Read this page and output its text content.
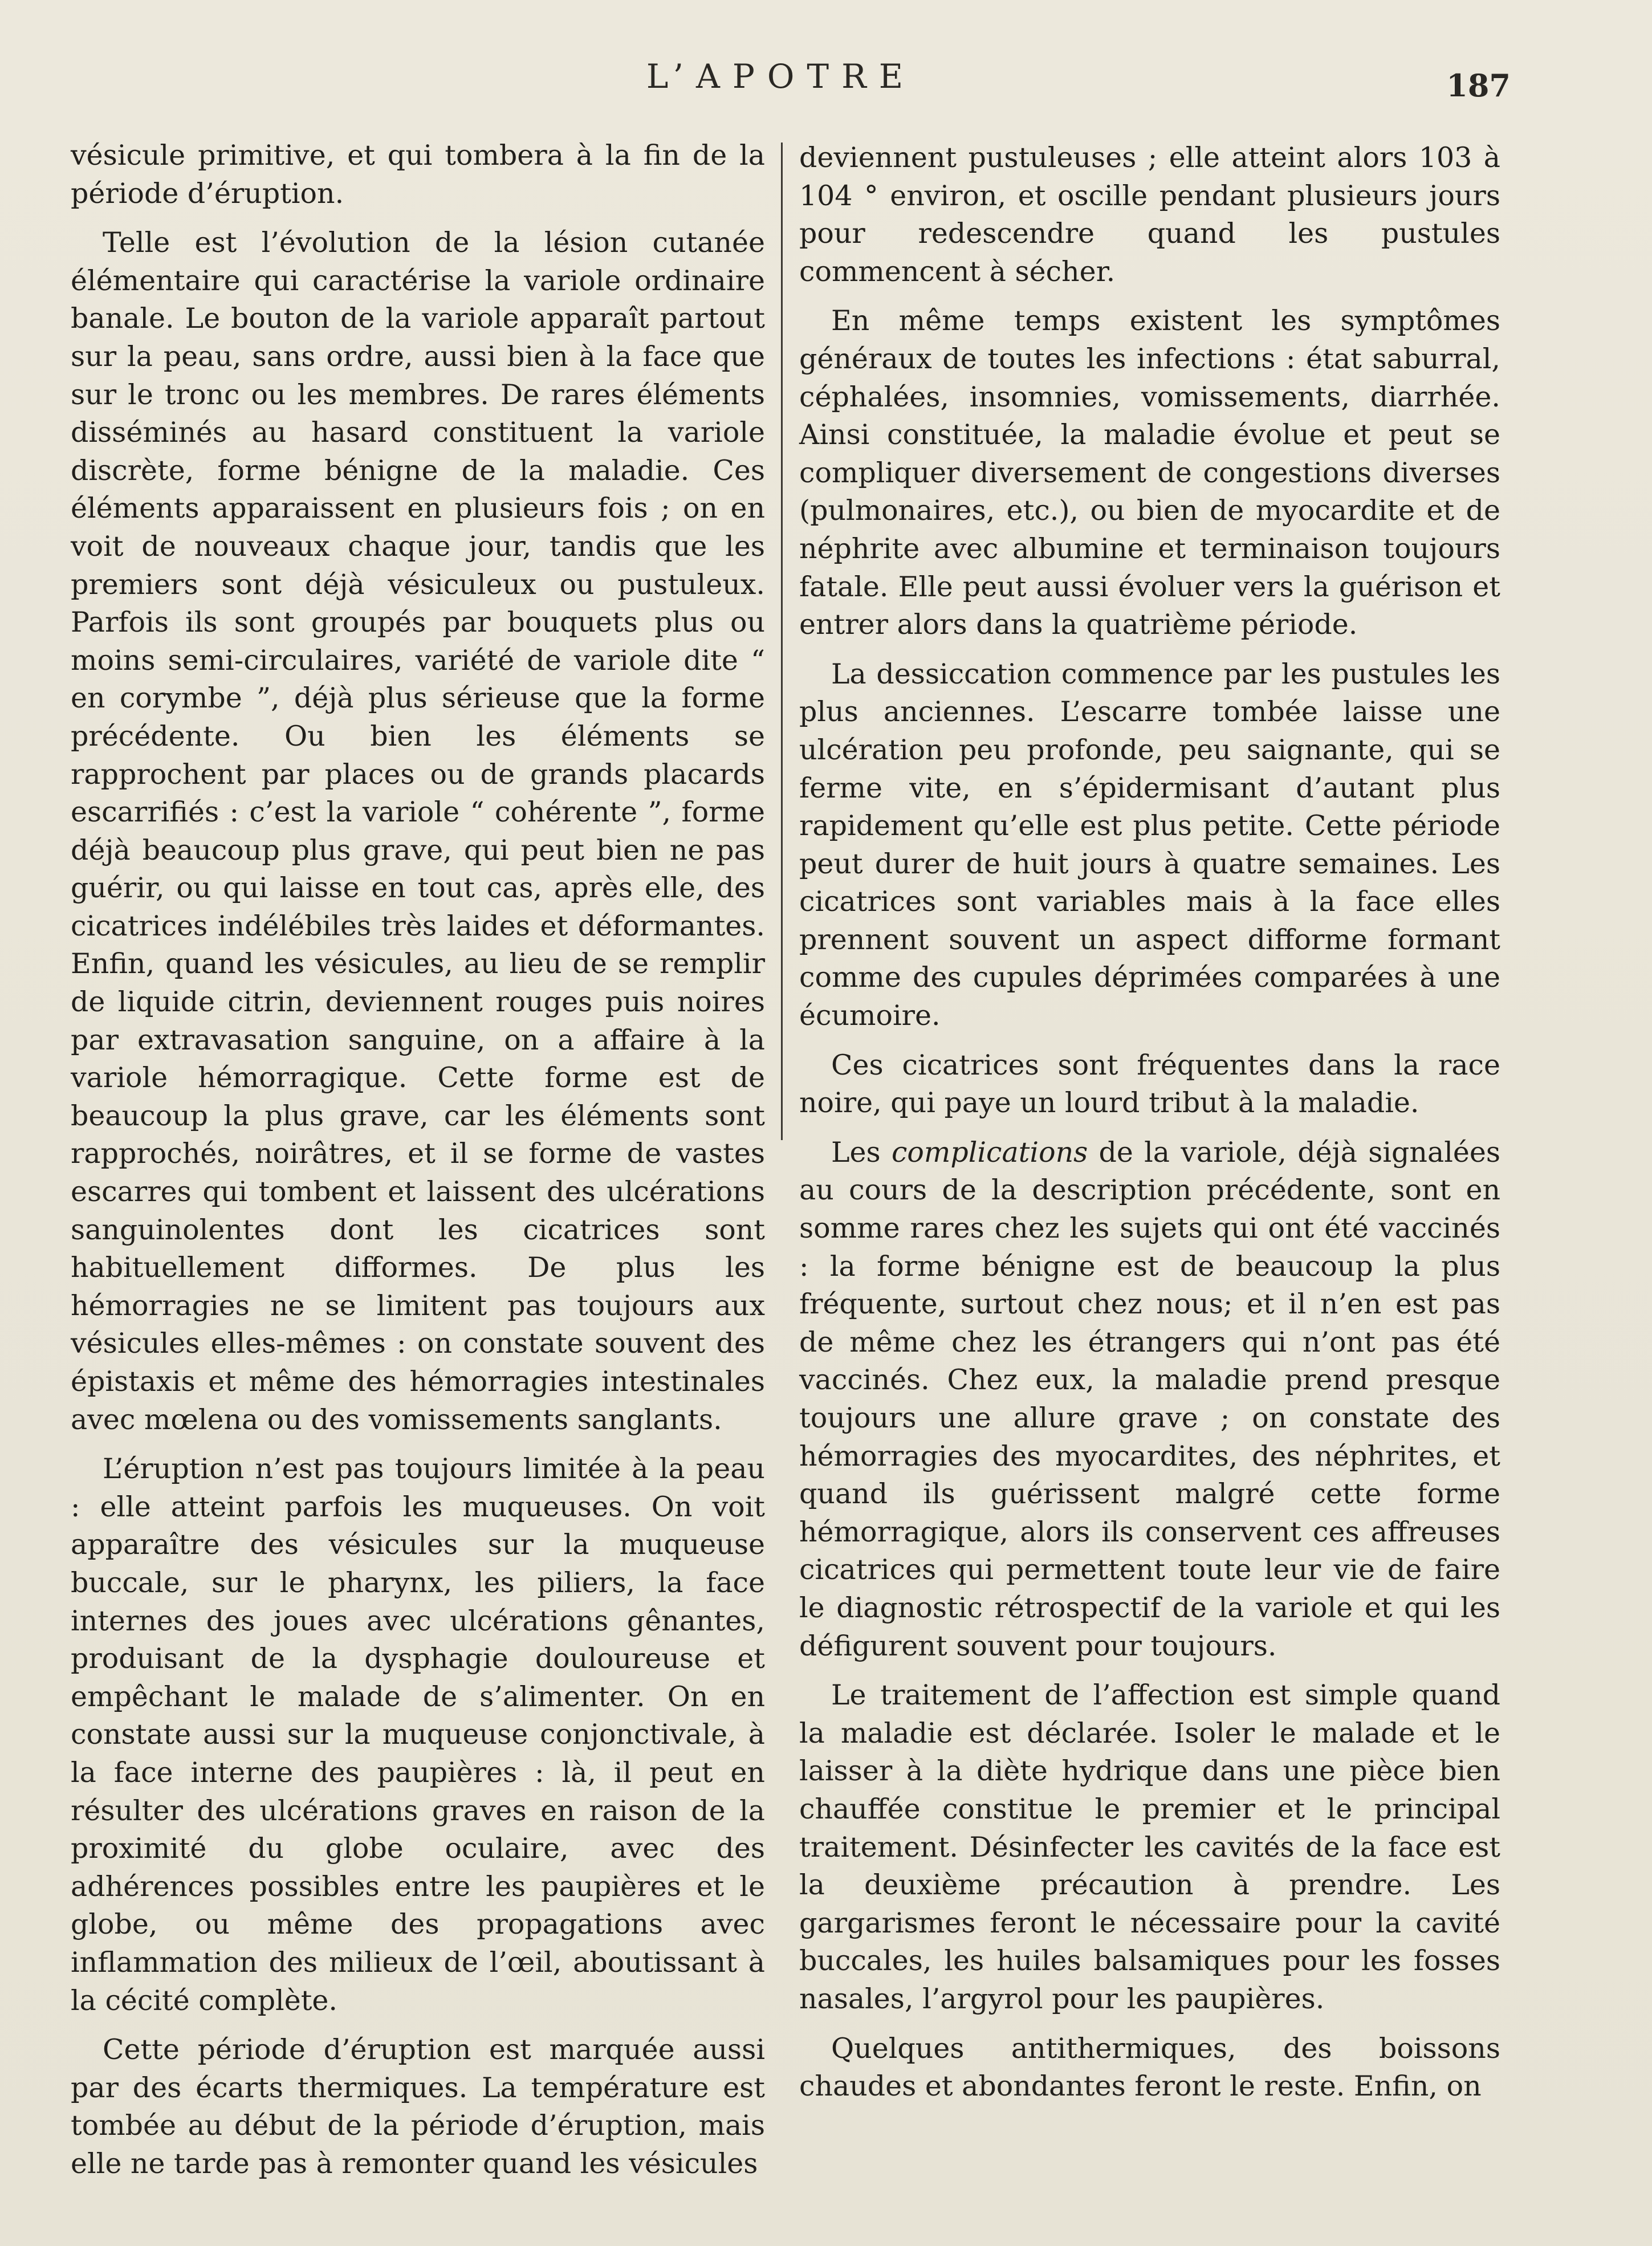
L’APOTRE	187

vésicule primitive, et qui tombera à la fin de la période d’éruption.

Telle est l’évolution de la lésion cutanée élémentaire qui caractérise la variole ordinaire banale. Le bouton de la variole apparaît partout sur la peau, sans ordre, aussi bien à la face que sur le tronc ou les membres. De rares éléments disséminés au hasard constituent la variole discrète, forme bénigne de la maladie. Ces éléments apparaissent en plusieurs fois ; on en voit de nouveaux chaque jour, tandis que les premiers sont déjà vésiculeux ou pustuleux. Parfois ils sont groupés par bouquets plus ou moins semi-circulaires, variété de variole dite “ en corymbe ”, déjà plus sérieuse que la forme précédente. Ou bien les éléments se rapprochent par places ou de grands placards escarrifiés : c’est la variole “ cohérente ”, forme déjà beaucoup plus grave, qui peut bien ne pas guérir, ou qui laisse en tout cas, après elle, des cicatrices indélébiles très laides et déformantes. Enfin, quand les vésicules, au lieu de se remplir de liquide citrin, deviennent rouges puis noires par extravasation sanguine, on a affaire à la variole hémorragique. Cette forme est de beaucoup la plus grave, car les éléments sont rapprochés, noirâtres, et il se forme de vastes escarres qui tombent et laissent des ulcérations sanguinolentes dont les cicatrices sont habituellement difformes. De plus les hémorragies ne se limitent pas toujours aux vésicules elles-mêmes : on constate souvent des épistaxis et même des hémorragies intestinales avec mœlena ou des vomissements sanglants.

L’éruption n’est pas toujours limitée à la peau : elle atteint parfois les muqueuses. On voit apparaître des vésicules sur la muqueuse buccale, sur le pharynx, les piliers, la face internes des joues avec ulcérations gênantes, produisant de la dysphagie douloureuse et empêchant le malade de s’alimenter. On en constate aussi sur la muqueuse conjonctivale, à la face interne des paupières : là, il peut en résulter des ulcérations graves en raison de la proximité du globe oculaire, avec des adhérences possibles entre les paupières et le globe, ou même des propagations avec inflammation des milieux de l’œil, aboutissant à la cécité complète.

Cette période d’éruption est marquée aussi par des écarts thermiques. La température est tombée au début de la période d’éruption, mais elle ne tarde pas à remonter quand les vésicules

deviennent pustuleuses ; elle atteint alors 103 à 104 ° environ, et oscille pendant plusieurs jours pour redescendre quand les pustules commencent à sécher.

En même temps existent les symptômes généraux de toutes les infections : état saburral, céphalées, insomnies, vomissements, diarrhée. Ainsi constituée, la maladie évolue et peut se compliquer diversement de congestions diverses (pulmonaires, etc.), ou bien de myocardite et de néphrite avec albumine et terminaison toujours fatale. Elle peut aussi évoluer vers la guérison et entrer alors dans la quatrième période.

La dessiccation commence par les pustules les plus anciennes. L’escarre tombée laisse une ulcération peu profonde, peu saignante, qui se ferme vite, en s’épidermisant d’autant plus rapidement qu’elle est plus petite. Cette période peut durer de huit jours à quatre semaines. Les cicatrices sont variables mais à la face elles prennent souvent un aspect difforme formant comme des cupules déprimées comparées à une écumoire.

Ces cicatrices sont fréquentes dans la race noire, qui paye un lourd tribut à la maladie.

Les complications de la variole, déjà signalées au cours de la description précédente, sont en somme rares chez les sujets qui ont été vaccinés : la forme bénigne est de beaucoup la plus fréquente, surtout chez nous; et il n’en est pas de même chez les étrangers qui n’ont pas été vaccinés. Chez eux, la maladie prend presque toujours une allure grave ; on constate des hémorragies des myocardites, des néphrites, et quand ils guérissent malgré cette forme hémorragique, alors ils conservent ces affreuses cicatrices qui permettent toute leur vie de faire le diagnostic rétrospectif de la variole et qui les défigurent souvent pour toujours.

Le traitement de l’affection est simple quand la maladie est déclarée. Isoler le malade et le laisser à la diète hydrique dans une pièce bien chauffée constitue le premier et le principal traitement. Désinfecter les cavités de la face est la deuxième précaution à prendre. Les gargarismes feront le nécessaire pour la cavité buccales, les huiles balsamiques pour les fosses nasales, l’argyrol pour les paupières.

Quelques antithermiques, des boissons chaudes et abondantes feront le reste. Enfin, on
